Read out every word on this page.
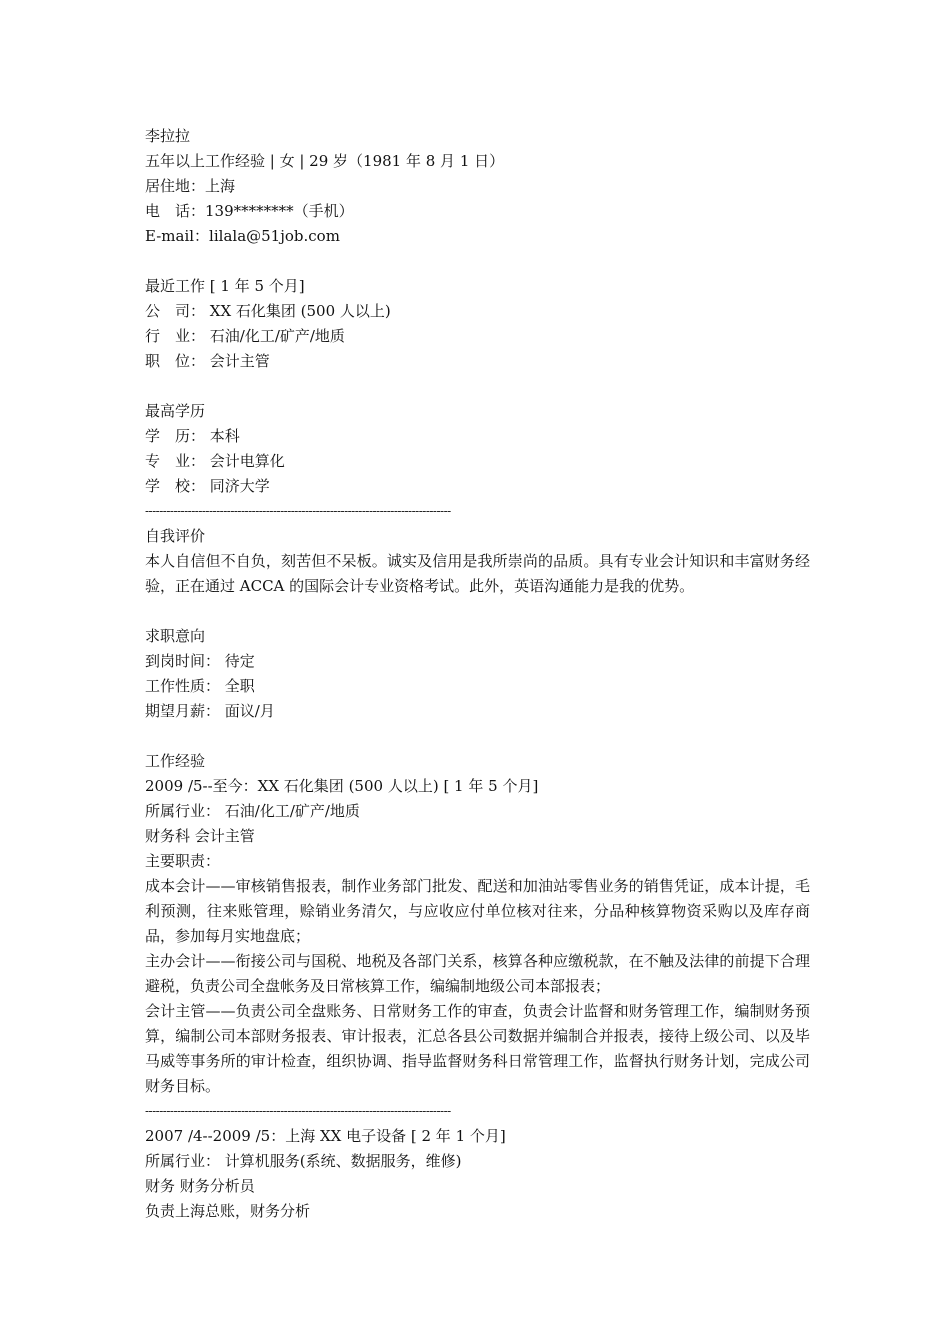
李拉拉
五年以上工作经验 | 女 | 29 岁（1981 年 8 月 1 日）
居住地：上海
电　话：139********（手机）
E-mail：lilala@51job.com
最近工作 [ 1 年 5 个月]
公　司： XX 石化集团 (500 人以上)
行　业： 石油/化工/矿产/地质
职　位： 会计主管
最高学历
学　历： 本科
专　业： 会计电算化
学　校： 同济大学
--------------------------------------------------------------------------------------
自我评价
本人自信但不自负，刻苦但不呆板。诚实及信用是我所崇尚的品质。具有专业会计知识和丰富财务经验，正在通过 ACCA 的国际会计专业资格考试。此外，英语沟通能力是我的优势。
求职意向
到岗时间： 待定
工作性质： 全职
期望月薪： 面议/月
工作经验
2009 /5--至今：XX 石化集团 (500 人以上) [ 1 年 5 个月]
所属行业： 石油/化工/矿产/地质
财务科 会计主管
主要职责：
成本会计——审核销售报表，制作业务部门批发、配送和加油站零售业务的销售凭证，成本计提，毛利预测，往来账管理，赊销业务清欠，与应收应付单位核对往来，分品种核算物资采购以及库存商品，参加每月实地盘底；
主办会计——衔接公司与国税、地税及各部门关系，核算各种应缴税款，在不触及法律的前提下合理避税，负责公司全盘帐务及日常核算工作，编编制地级公司本部报表；
会计主管——负责公司全盘账务、日常财务工作的审查，负责会计监督和财务管理工作，编制财务预算，编制公司本部财务报表、审计报表，汇总各县公司数据并编制合并报表，接待上级公司、以及毕马威等事务所的审计检查，组织协调、指导监督财务科日常管理工作，监督执行财务计划，完成公司财务目标。
--------------------------------------------------------------------------------------
2007 /4--2009 /5：上海 XX 电子设备 [ 2 年 1 个月]
所属行业： 计算机服务(系统、数据服务，维修)
财务 财务分析员
负责上海总账，财务分析
